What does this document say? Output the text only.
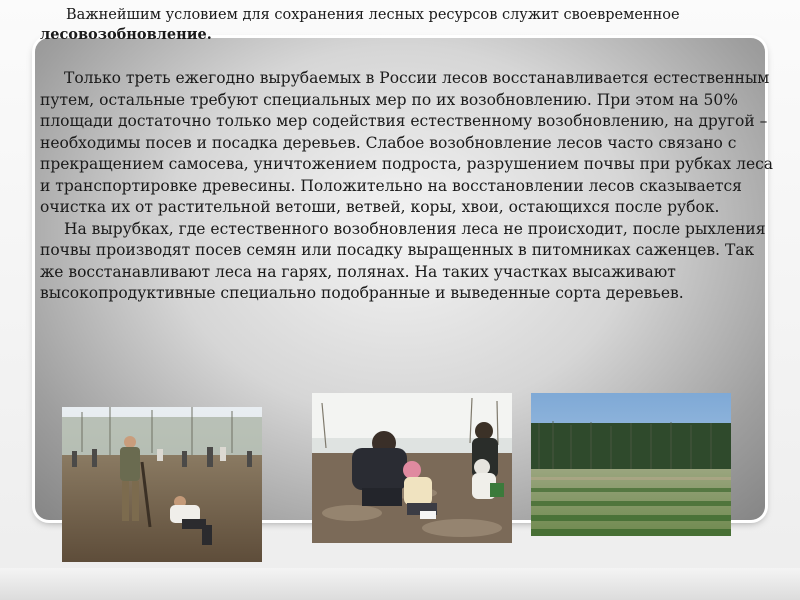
Важнейшим условием для сохранения лесных ресурсов служит своевременное лесовозобновление.

Только треть ежегодно вырубаемых в России лесов восстанавливается естественным путем, остальные требуют специальных мер по их возобновлению. При этом на 50% площади достаточно только мер содействия естественному возобновлению, на другой – необходимы посев и посадка деревьев. Слабое возобновление лесов часто связано с прекращением самосева, уничтожением подроста, разрушением почвы при рубках леса и транспортировке древесины. Положительно на восстановлении лесов сказывается очистка их от растительной ветоши, ветвей, коры, хвои, остающихся после рубок.
На вырубках, где естественного возобновления леса не происходит, после рыхления почвы производят посев семян или посадку выращенных в питомниках саженцев. Так же восстанавливают леса на гарях, полянах. На таких участках высаживают высокопродуктивные специально подобранные и выведенные сорта деревьев.
